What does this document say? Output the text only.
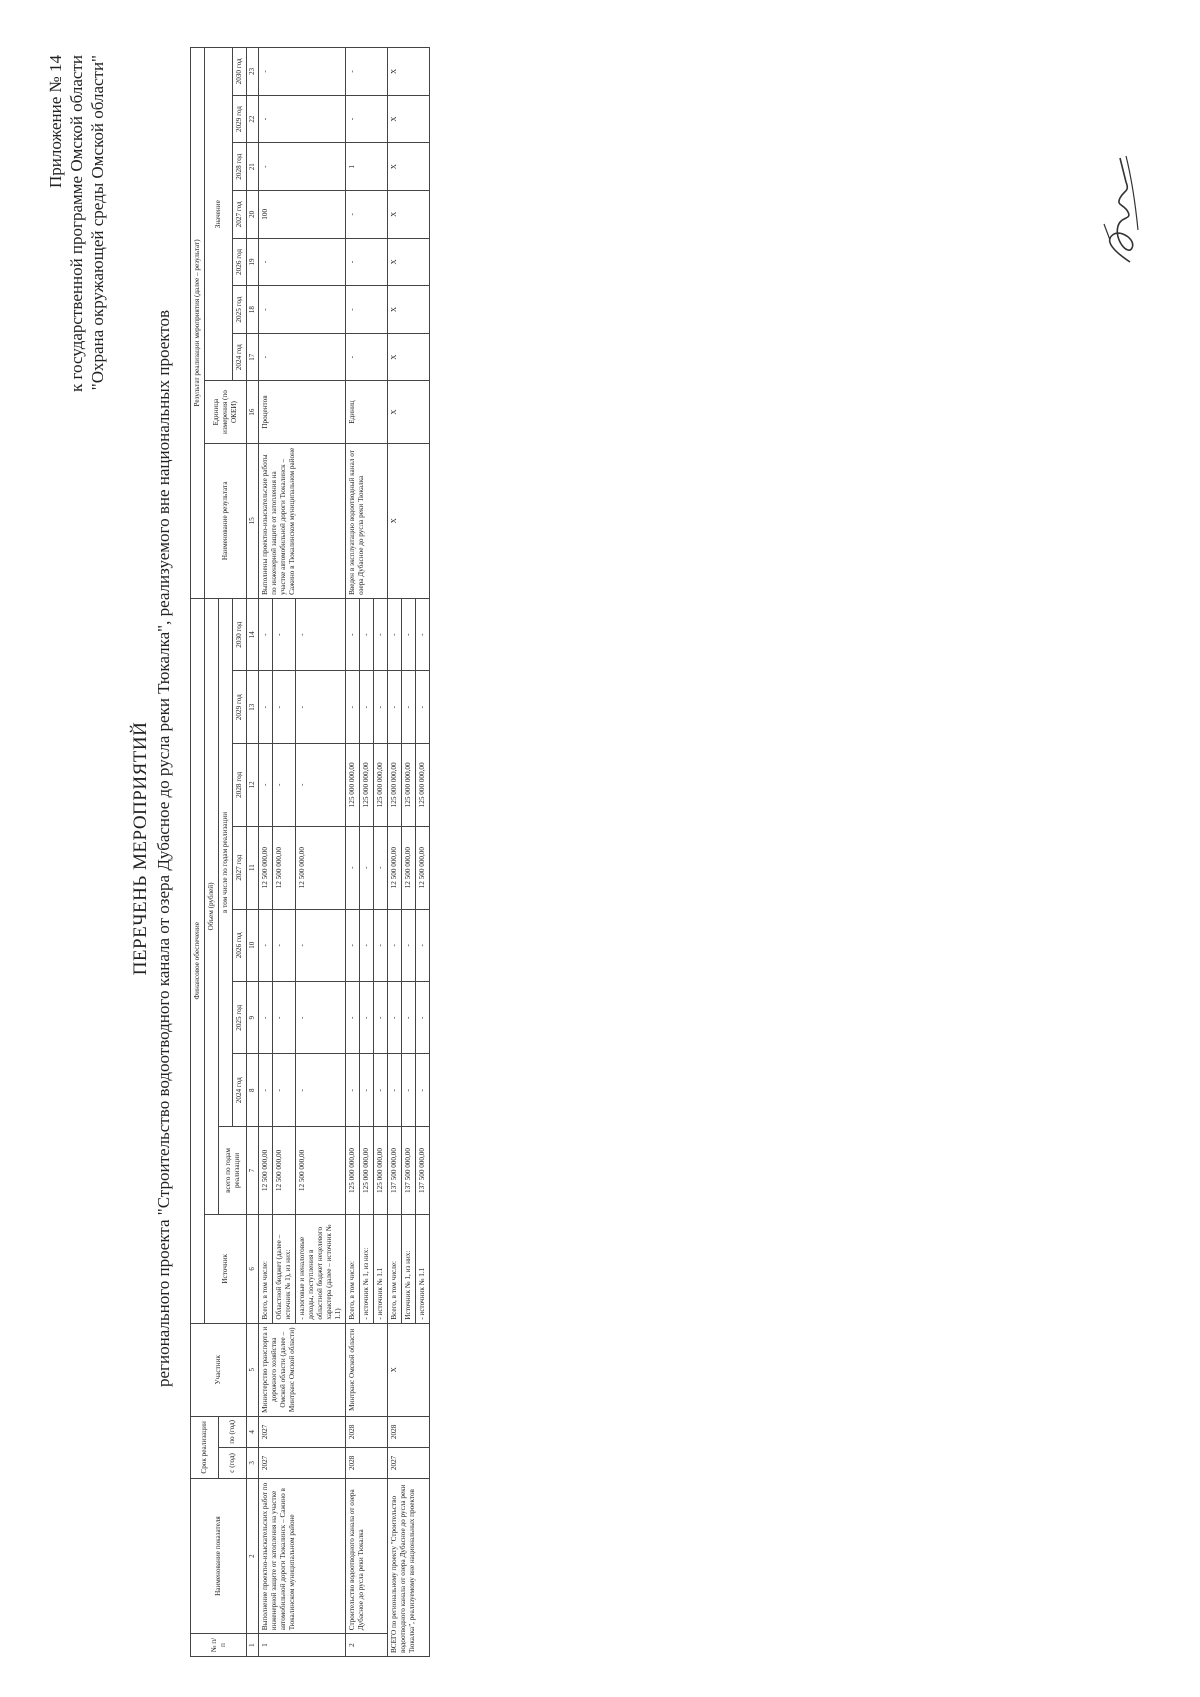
Приложение № 14 к государственной программе Омской области "Охрана окружающей среды Омской области"
ПЕРЕЧЕНЬ МЕРОПРИЯТИЙ регионального проекта "Строительство водоотводного канала от озера Дубасное до русла реки Тюкалка", реализуемого вне национальных проектов
№ п/п	Наименование показателя	Срок реализации		Участник	Финансовое обеспечение									Результат реализации мероприятия (далее – результат)								
					Источник	Объем (рублей)								Наименование результата	Единица измерения (по ОКЕИ)	Значение						
		с (год)	по (год)			всего по годам реализации	в том числе по годам реализации															
							2024 год	2025 год	2026 год	2027 год	2028 год	2029 год	2030 год			2024 год	2025 год	2026 год	2027 год	2028 год	2029 год	2030 год
1	2	3	4	5	6	7	8	9	10	11	12	13	14	15	16	17	18	19	20	21	22	23
1	Выполнение проектно-изыскательских работ по инженерной защите от затопления на участке автомобильной дороги Тюкалинск – Сажино в Тюкалинском муниципальном районе	2027	2027	Министерство транспорта и дорожного хозяйства Омской области (далее – Минтранс Омской области)	Всего, в том числе:	12 500 000,00	-	-	-	12 500 000,00	-	-	-	Выполнены проектно-изыскательские работы по инженерной защите от затопления на участке автомобильной дороги Тюкалинск – Сажино в Тюкалинском муниципальном районе	Процентов	-	-	-	100	-	-	-
					Областной бюджет (далее – источник № 1), из них:	12 500 000,00	-	-	-	12 500 000,00	-	-	-									
					- налоговые и неналоговые доходы, поступления в областной бюджет нецелевого характера (далее – источник № 1.1)	12 500 000,00	-	-	-	12 500 000,00	-	-	-									
2	Строительство водоотводного канала от озера Дубасное до русла реки Тюкалка	2028	2028	Минтранс Омской области	Всего, в том числе:	125 000 000,00	-	-	-	-	125 000 000,00	-	-	Введен в эксплуатацию водоотводный канал от озера Дубасное до русла реки Тюкалка	Единиц	-	-	-	-	1	-	-
					- источник № 1, из них:	125 000 000,00	-	-	-	-	125 000 000,00	-	-									
					- источник № 1.1	125 000 000,00	-	-	-	-	125 000 000,00	-	-									
ВСЕГО по региональному проекту "Строительство водоотводного канала от озера Дубасное до русла реки Тюкалка", реализуемому вне национальных проектов		2027	2028	Х	Всего, в том числе:	137 500 000,00	-	-	-	12 500 000,00	125 000 000,00	-	-	Х	Х	Х	Х	Х	Х	Х	Х	Х
					Источник № 1, из них:	137 500 000,00	-	-	-	12 500 000,00	125 000 000,00	-	-									
					- источник № 1.1	137 500 000,00	-	-	-	12 500 000,00	125 000 000,00	-	-									
